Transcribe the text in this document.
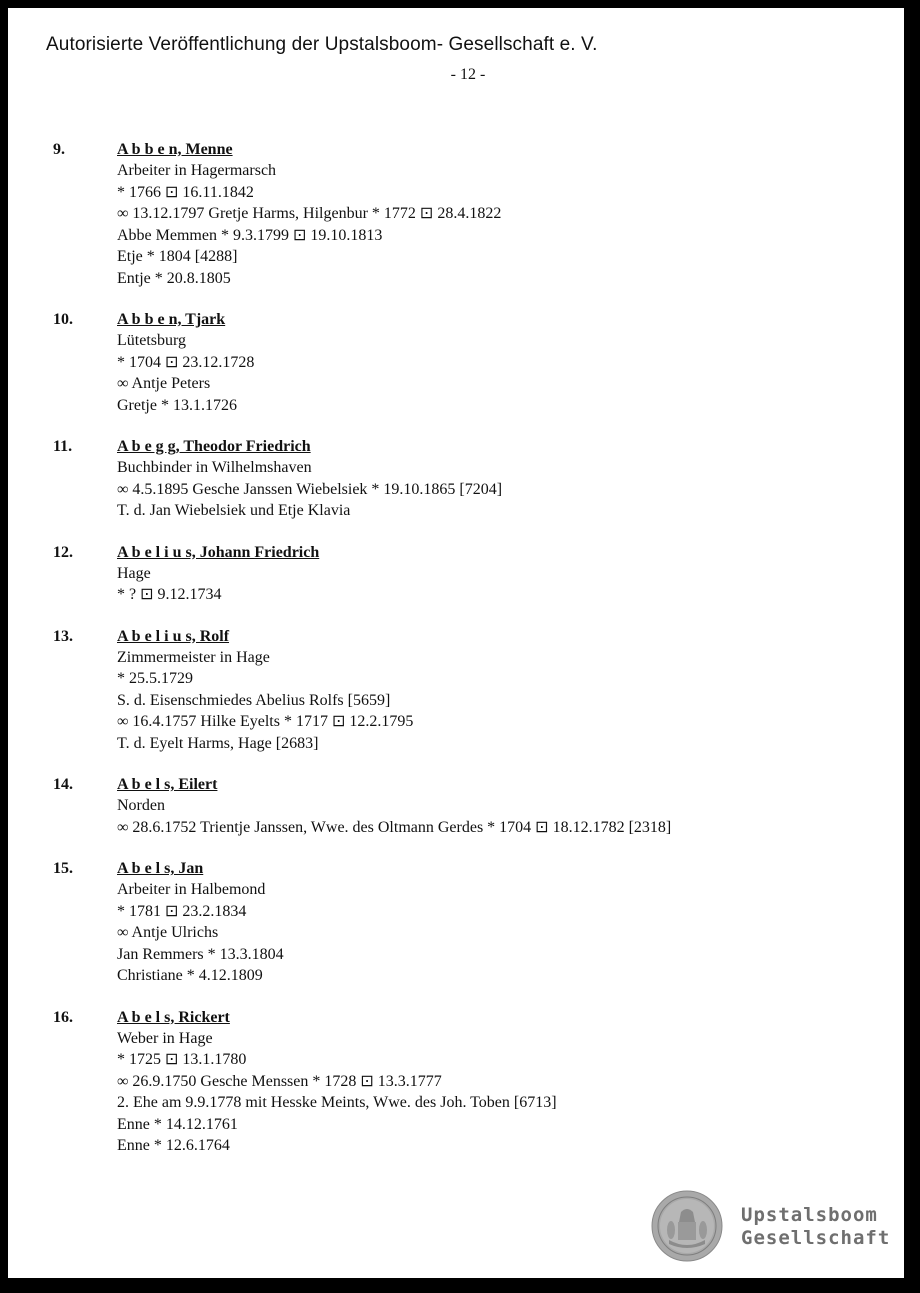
Autorisierte Veröffentlichung der Upstalsboom- Gesellschaft e. V.
- 12 -
9.	A b b e n, Menne
Arbeiter in Hagermarsch
* 1766 ⊡ 16.11.1842
∞ 13.12.1797 Gretje Harms, Hilgenbur * 1772 ⊡ 28.4.1822
Abbe Memmen * 9.3.1799 ⊡ 19.10.1813
Etje * 1804 [4288]
Entje * 20.8.1805
10.	A b b e n, Tjark
Lütetsburg
* 1704 ⊡ 23.12.1728
∞ Antje Peters
Gretje * 13.1.1726
11.	A b e g g, Theodor Friedrich
Buchbinder in Wilhelmshaven
∞ 4.5.1895 Gesche Janssen Wiebelsiek * 19.10.1865 [7204]
T. d. Jan Wiebelsiek und Etje Klavia
12.	A b e l i u s, Johann Friedrich
Hage
* ? ⊡ 9.12.1734
13.	A b e l i u s, Rolf
Zimmermeister in Hage
* 25.5.1729
S. d. Eisenschmiedes Abelius Rolfs [5659]
∞ 16.4.1757 Hilke Eyelts * 1717 ⊡ 12.2.1795
T. d. Eyelt Harms, Hage [2683]
14.	A b e l s, Eilert
Norden
∞ 28.6.1752 Trientje Janssen, Wwe. des Oltmann Gerdes * 1704 ⊡ 18.12.1782 [2318]
15.	A b e l s, Jan
Arbeiter in Halbemond
* 1781 ⊡ 23.2.1834
∞ Antje Ulrichs
Jan Remmers * 13.3.1804
Christiane * 4.12.1809
16.	A b e l s, Rickert
Weber in Hage
* 1725 ⊡ 13.1.1780
∞ 26.9.1750 Gesche Menssen * 1728 ⊡ 13.3.1777
2. Ehe am 9.9.1778 mit Hesske Meints, Wwe. des Joh. Toben [6713]
Enne * 14.12.1761
Enne * 12.6.1764
Upstalsboom
Gesellschaft
